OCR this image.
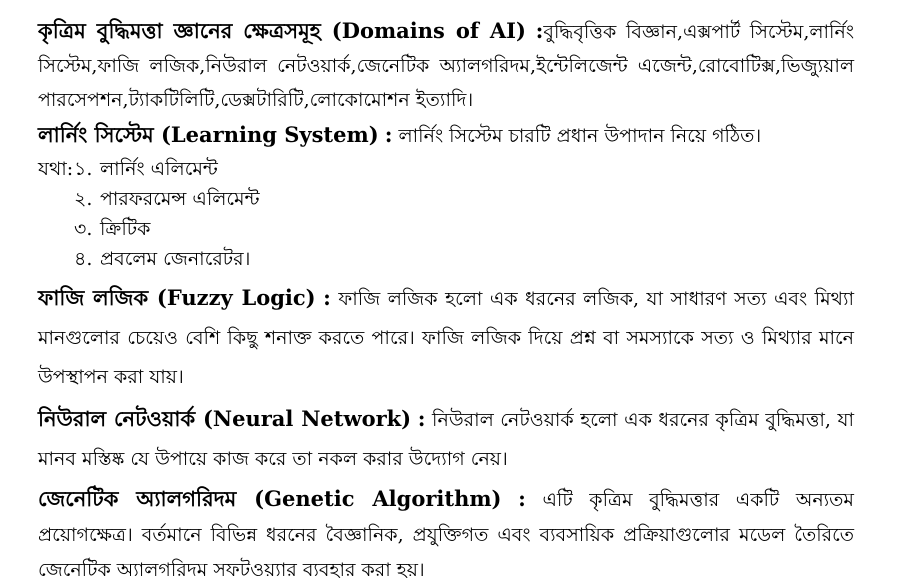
কৃত্রিম বুদ্ধিমত্তা জ্ঞানের ক্ষেত্রসমূহ (Domains of AI) :বুদ্ধিবৃত্তিক বিজ্ঞান,এক্সপার্ট সিস্টেম,লার্নিং সিস্টেম,ফাজি লজিক,নিউরাল নেটওয়ার্ক,জেনেটিক অ্যালগরিদম,ইন্টেলিজেন্ট এজেন্ট,রোবোটিক্স,ভিজ্যুয়াল পারসেপশন,ট্যাকটিলিটি,ডেক্সটারিটি,লোকোমোশন ইত্যাদি।

লার্নিং সিস্টেম (Learning System) : লার্নিং সিস্টেম চারটি প্রধান উপাদান নিয়ে গঠিত।

যথা:১. লার্নিং এলিমেন্ট
২. পারফরমেন্স এলিমেন্ট
৩. ক্রিটিক
৪. প্রবলেম জেনারেটর।

ফাজি লজিক (Fuzzy Logic) : ফাজি লজিক হলো এক ধরনের লজিক, যা সাধারণ সত্য এবং মিথ্যা মানগুলোর চেয়েও বেশি কিছু শনাক্ত করতে পারে। ফাজি লজিক দিয়ে প্রশ্ন বা সমস্যাকে সত্য ও মিথ্যার মানে উপস্থাপন করা যায়।

নিউরাল নেটওয়ার্ক (Neural Network) : নিউরাল নেটওয়ার্ক হলো এক ধরনের কৃত্রিম বুদ্ধিমত্তা, যা মানব মস্তিষ্ক যে উপায়ে কাজ করে তা নকল করার উদ্যোগ নেয়।

জেনেটিক অ্যালগরিদম (Genetic Algorithm) : এটি কৃত্রিম বুদ্ধিমত্তার একটি অন্যতম প্রয়োগক্ষেত্র। বর্তমানে বিভিন্ন ধরনের বৈজ্ঞানিক, প্রযুক্তিগত এবং ব্যবসায়িক প্রক্রিয়াগুলোর মডেল তৈরিতে জেনেটিক অ্যালগরিদম সফটওয়্যার ব্যবহার করা হয়।
